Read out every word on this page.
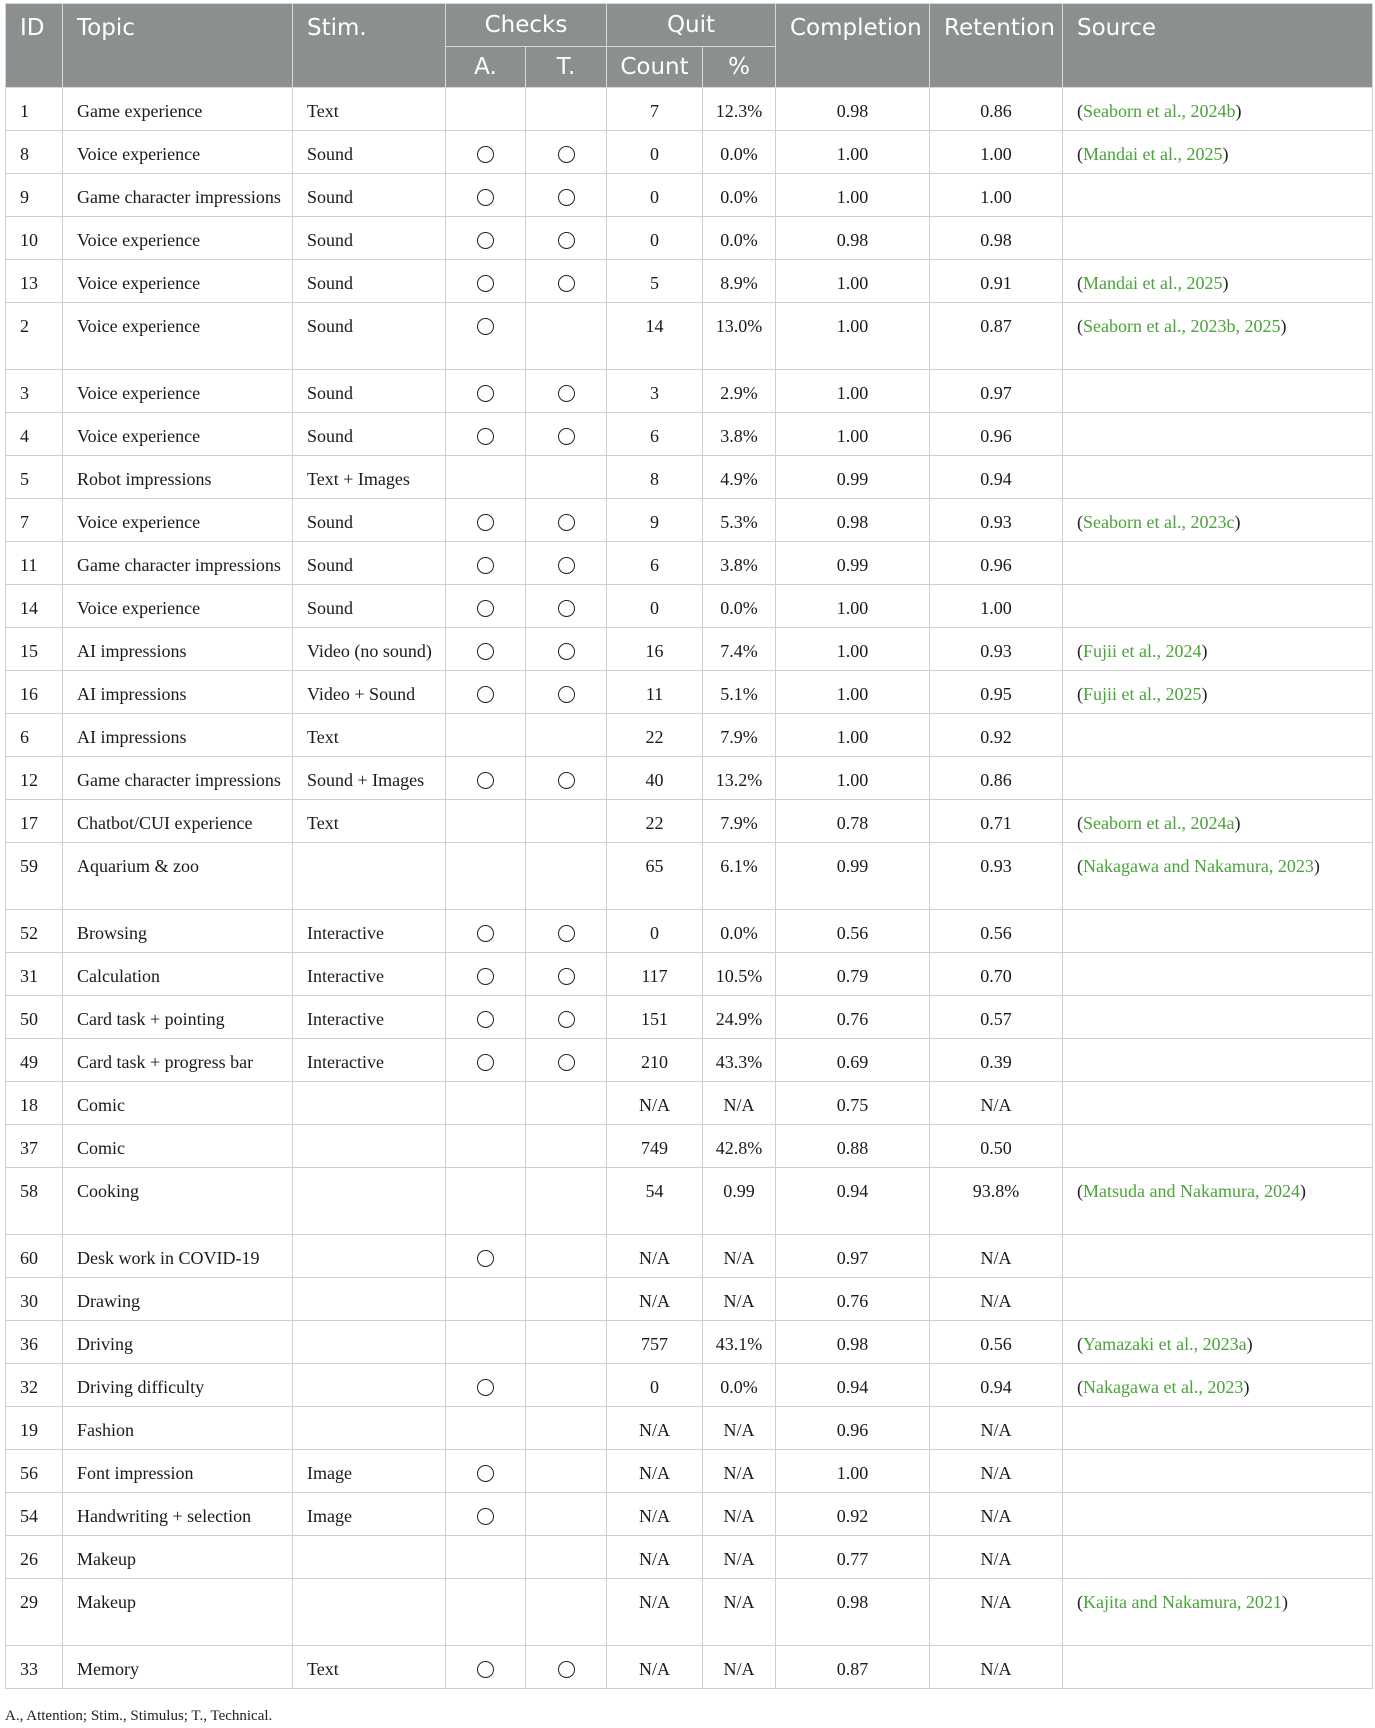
ID	Topic	Stim.	Checks		Quit		Completion	Retention	Source
			A.	T.	Count	%			
1	Game experience	Text			7	12.3%	0.98	0.86	(Seaborn et al., 2024b)
8	Voice experience	Sound			0	0.0%	1.00	1.00	(Mandai et al., 2025)
9	Game character impressions	Sound			0	0.0%	1.00	1.00	
10	Voice experience	Sound			0	0.0%	0.98	0.98	
13	Voice experience	Sound			5	8.9%	1.00	0.91	(Mandai et al., 2025)
2	Voice experience	Sound			14	13.0%	1.00	0.87	(Seaborn et al., 2023b, 2025)
3	Voice experience	Sound			3	2.9%	1.00	0.97	
4	Voice experience	Sound			6	3.8%	1.00	0.96	
5	Robot impressions	Text + Images			8	4.9%	0.99	0.94	
7	Voice experience	Sound			9	5.3%	0.98	0.93	(Seaborn et al., 2023c)
11	Game character impressions	Sound			6	3.8%	0.99	0.96	
14	Voice experience	Sound			0	0.0%	1.00	1.00	
15	AI impressions	Video (no sound)			16	7.4%	1.00	0.93	(Fujii et al., 2024)
16	AI impressions	Video + Sound			11	5.1%	1.00	0.95	(Fujii et al., 2025)
6	AI impressions	Text			22	7.9%	1.00	0.92	
12	Game character impressions	Sound + Images			40	13.2%	1.00	0.86	
17	Chatbot/CUI experience	Text			22	7.9%	0.78	0.71	(Seaborn et al., 2024a)
59	Aquarium & zoo				65	6.1%	0.99	0.93	(Nakagawa and Nakamura, 2023)
52	Browsing	Interactive			0	0.0%	0.56	0.56	
31	Calculation	Interactive			117	10.5%	0.79	0.70	
50	Card task + pointing	Interactive			151	24.9%	0.76	0.57	
49	Card task + progress bar	Interactive			210	43.3%	0.69	0.39	
18	Comic				N/A	N/A	0.75	N/A	
37	Comic				749	42.8%	0.88	0.50	
58	Cooking				54	0.99	0.94	93.8%	(Matsuda and Nakamura, 2024)
60	Desk work in COVID-19				N/A	N/A	0.97	N/A	
30	Drawing				N/A	N/A	0.76	N/A	
36	Driving				757	43.1%	0.98	0.56	(Yamazaki et al., 2023a)
32	Driving difficulty				0	0.0%	0.94	0.94	(Nakagawa et al., 2023)
19	Fashion				N/A	N/A	0.96	N/A	
56	Font impression	Image			N/A	N/A	1.00	N/A	
54	Handwriting + selection	Image			N/A	N/A	0.92	N/A	
26	Makeup				N/A	N/A	0.77	N/A	
29	Makeup				N/A	N/A	0.98	N/A	(Kajita and Nakamura, 2021)
33	Memory	Text			N/A	N/A	0.87	N/A	
A., Attention; Stim., Stimulus; T., Technical.
